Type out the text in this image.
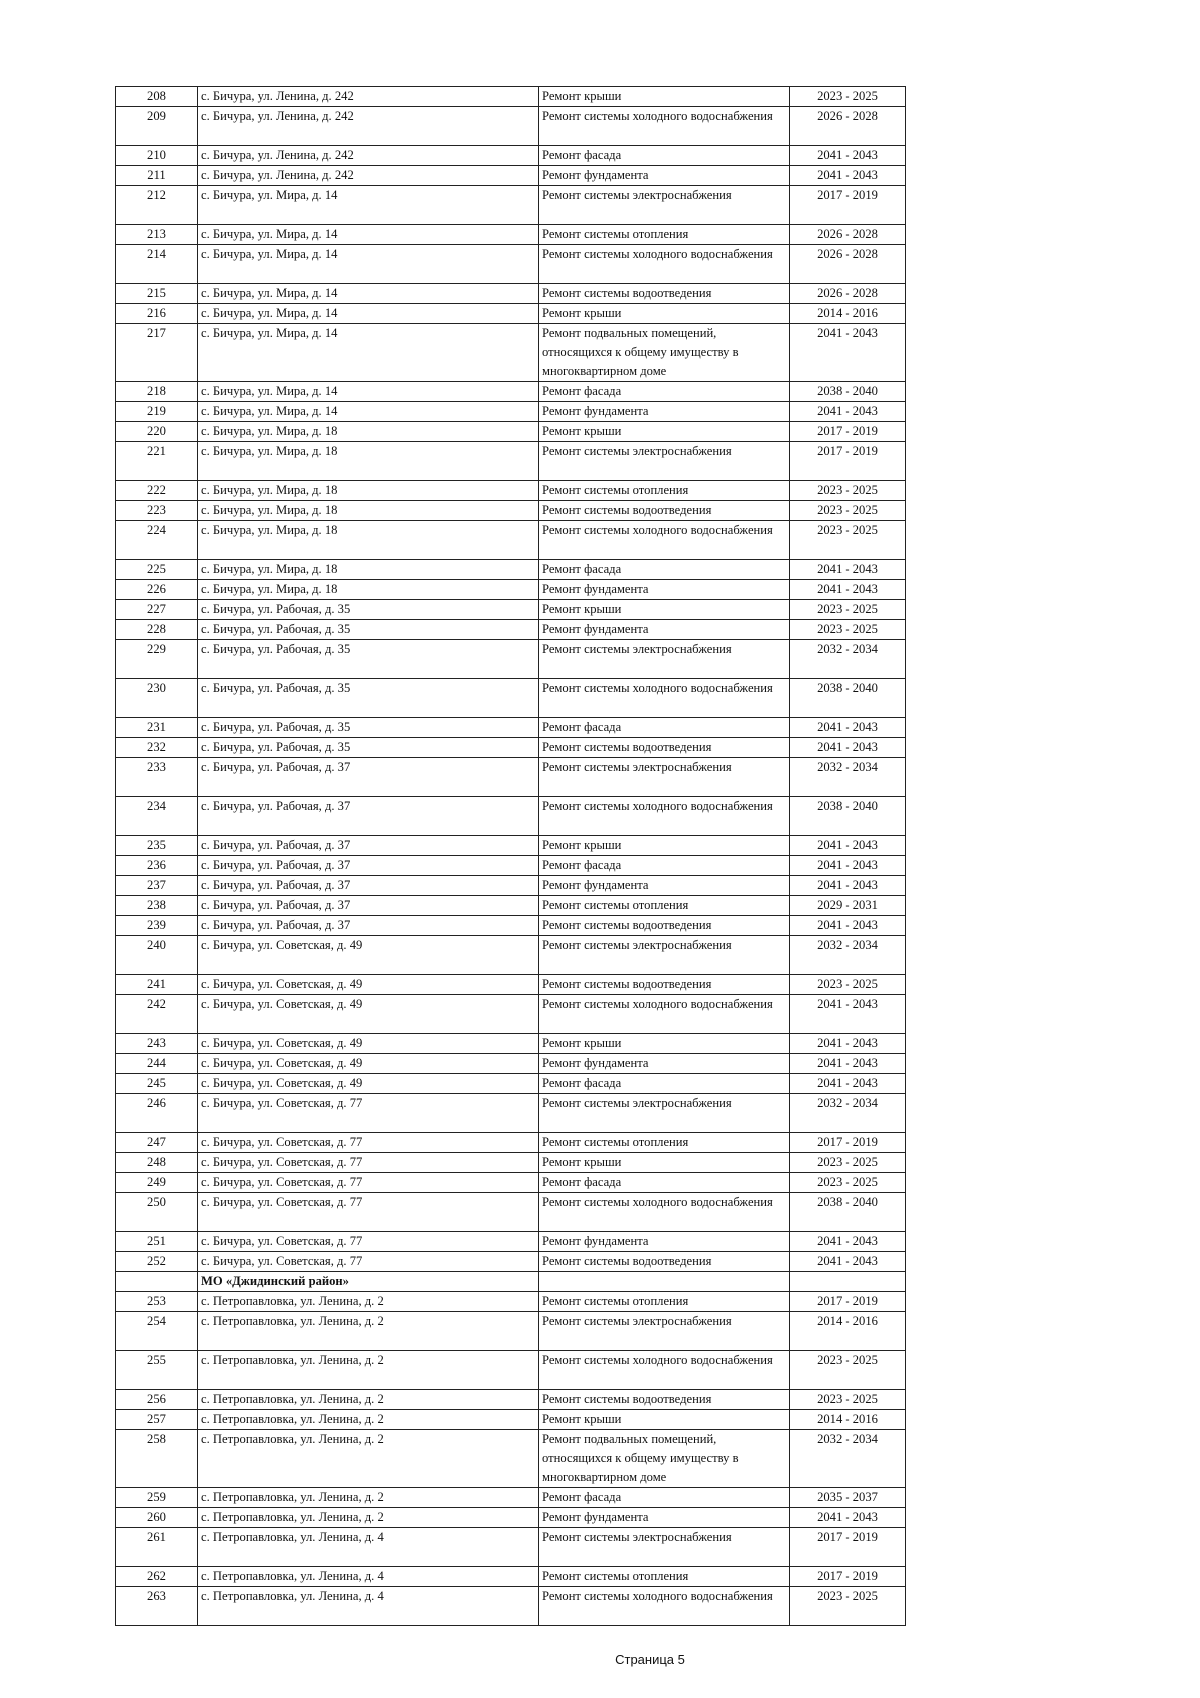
208	с. Бичура, ул. Ленина, д. 242	Ремонт крыши	2023 - 2025
209	с. Бичура, ул. Ленина, д. 242	Ремонт системы холодного водоснабжения	2026 - 2028
210	с. Бичура, ул. Ленина, д. 242	Ремонт фасада	2041 - 2043
211	с. Бичура, ул. Ленина, д. 242	Ремонт фундамента	2041 - 2043
212	с. Бичура, ул. Мира, д. 14	Ремонт системы электроснабжения	2017 - 2019
213	с. Бичура, ул. Мира, д. 14	Ремонт системы отопления	2026 - 2028
214	с. Бичура, ул. Мира, д. 14	Ремонт системы холодного водоснабжения	2026 - 2028
215	с. Бичура, ул. Мира, д. 14	Ремонт системы водоотведения	2026 - 2028
216	с. Бичура, ул. Мира, д. 14	Ремонт крыши	2014 - 2016
217	с. Бичура, ул. Мира, д. 14	Ремонт подвальных помещений, относящихся к общему имуществу в многоквартирном доме	2041 - 2043
218	с. Бичура, ул. Мира, д. 14	Ремонт фасада	2038 - 2040
219	с. Бичура, ул. Мира, д. 14	Ремонт фундамента	2041 - 2043
220	с. Бичура, ул. Мира, д. 18	Ремонт крыши	2017 - 2019
221	с. Бичура, ул. Мира, д. 18	Ремонт системы электроснабжения	2017 - 2019
222	с. Бичура, ул. Мира, д. 18	Ремонт системы отопления	2023 - 2025
223	с. Бичура, ул. Мира, д. 18	Ремонт системы водоотведения	2023 - 2025
224	с. Бичура, ул. Мира, д. 18	Ремонт системы холодного водоснабжения	2023 - 2025
225	с. Бичура, ул. Мира, д. 18	Ремонт фасада	2041 - 2043
226	с. Бичура, ул. Мира, д. 18	Ремонт фундамента	2041 - 2043
227	с. Бичура, ул. Рабочая, д. 35	Ремонт крыши	2023 - 2025
228	с. Бичура, ул. Рабочая, д. 35	Ремонт фундамента	2023 - 2025
229	с. Бичура, ул. Рабочая, д. 35	Ремонт системы электроснабжения	2032 - 2034
230	с. Бичура, ул. Рабочая, д. 35	Ремонт системы холодного водоснабжения	2038 - 2040
231	с. Бичура, ул. Рабочая, д. 35	Ремонт фасада	2041 - 2043
232	с. Бичура, ул. Рабочая, д. 35	Ремонт системы водоотведения	2041 - 2043
233	с. Бичура, ул. Рабочая, д. 37	Ремонт системы электроснабжения	2032 - 2034
234	с. Бичура, ул. Рабочая, д. 37	Ремонт системы холодного водоснабжения	2038 - 2040
235	с. Бичура, ул. Рабочая, д. 37	Ремонт крыши	2041 - 2043
236	с. Бичура, ул. Рабочая, д. 37	Ремонт фасада	2041 - 2043
237	с. Бичура, ул. Рабочая, д. 37	Ремонт фундамента	2041 - 2043
238	с. Бичура, ул. Рабочая, д. 37	Ремонт системы отопления	2029 - 2031
239	с. Бичура, ул. Рабочая, д. 37	Ремонт системы водоотведения	2041 - 2043
240	с. Бичура, ул. Советская, д. 49	Ремонт системы электроснабжения	2032 - 2034
241	с. Бичура, ул. Советская, д. 49	Ремонт системы водоотведения	2023 - 2025
242	с. Бичура, ул. Советская, д. 49	Ремонт системы холодного водоснабжения	2041 - 2043
243	с. Бичура, ул. Советская, д. 49	Ремонт крыши	2041 - 2043
244	с. Бичура, ул. Советская, д. 49	Ремонт фундамента	2041 - 2043
245	с. Бичура, ул. Советская, д. 49	Ремонт фасада	2041 - 2043
246	с. Бичура, ул. Советская, д. 77	Ремонт системы электроснабжения	2032 - 2034
247	с. Бичура, ул. Советская, д. 77	Ремонт системы отопления	2017 - 2019
248	с. Бичура, ул. Советская, д. 77	Ремонт крыши	2023 - 2025
249	с. Бичура, ул. Советская, д. 77	Ремонт фасада	2023 - 2025
250	с. Бичура, ул. Советская, д. 77	Ремонт системы холодного водоснабжения	2038 - 2040
251	с. Бичура, ул. Советская, д. 77	Ремонт фундамента	2041 - 2043
252	с. Бичура, ул. Советская, д. 77	Ремонт системы водоотведения	2041 - 2043
	МО «Джидинский район»		
253	с. Петропавловка, ул. Ленина, д. 2	Ремонт системы отопления	2017 - 2019
254	с. Петропавловка, ул. Ленина, д. 2	Ремонт системы электроснабжения	2014 - 2016
255	с. Петропавловка, ул. Ленина, д. 2	Ремонт системы холодного водоснабжения	2023 - 2025
256	с. Петропавловка, ул. Ленина, д. 2	Ремонт системы водоотведения	2023 - 2025
257	с. Петропавловка, ул. Ленина, д. 2	Ремонт крыши	2014 - 2016
258	с. Петропавловка, ул. Ленина, д. 2	Ремонт подвальных помещений, относящихся к общему имуществу в многоквартирном доме	2032 - 2034
259	с. Петропавловка, ул. Ленина, д. 2	Ремонт фасада	2035 - 2037
260	с. Петропавловка, ул. Ленина, д. 2	Ремонт фундамента	2041 - 2043
261	с. Петропавловка, ул. Ленина, д. 4	Ремонт системы электроснабжения	2017 - 2019
262	с. Петропавловка, ул. Ленина, д. 4	Ремонт системы отопления	2017 - 2019
263	с. Петропавловка, ул. Ленина, д. 4	Ремонт системы холодного водоснабжения	2023 - 2025
Страница 5
